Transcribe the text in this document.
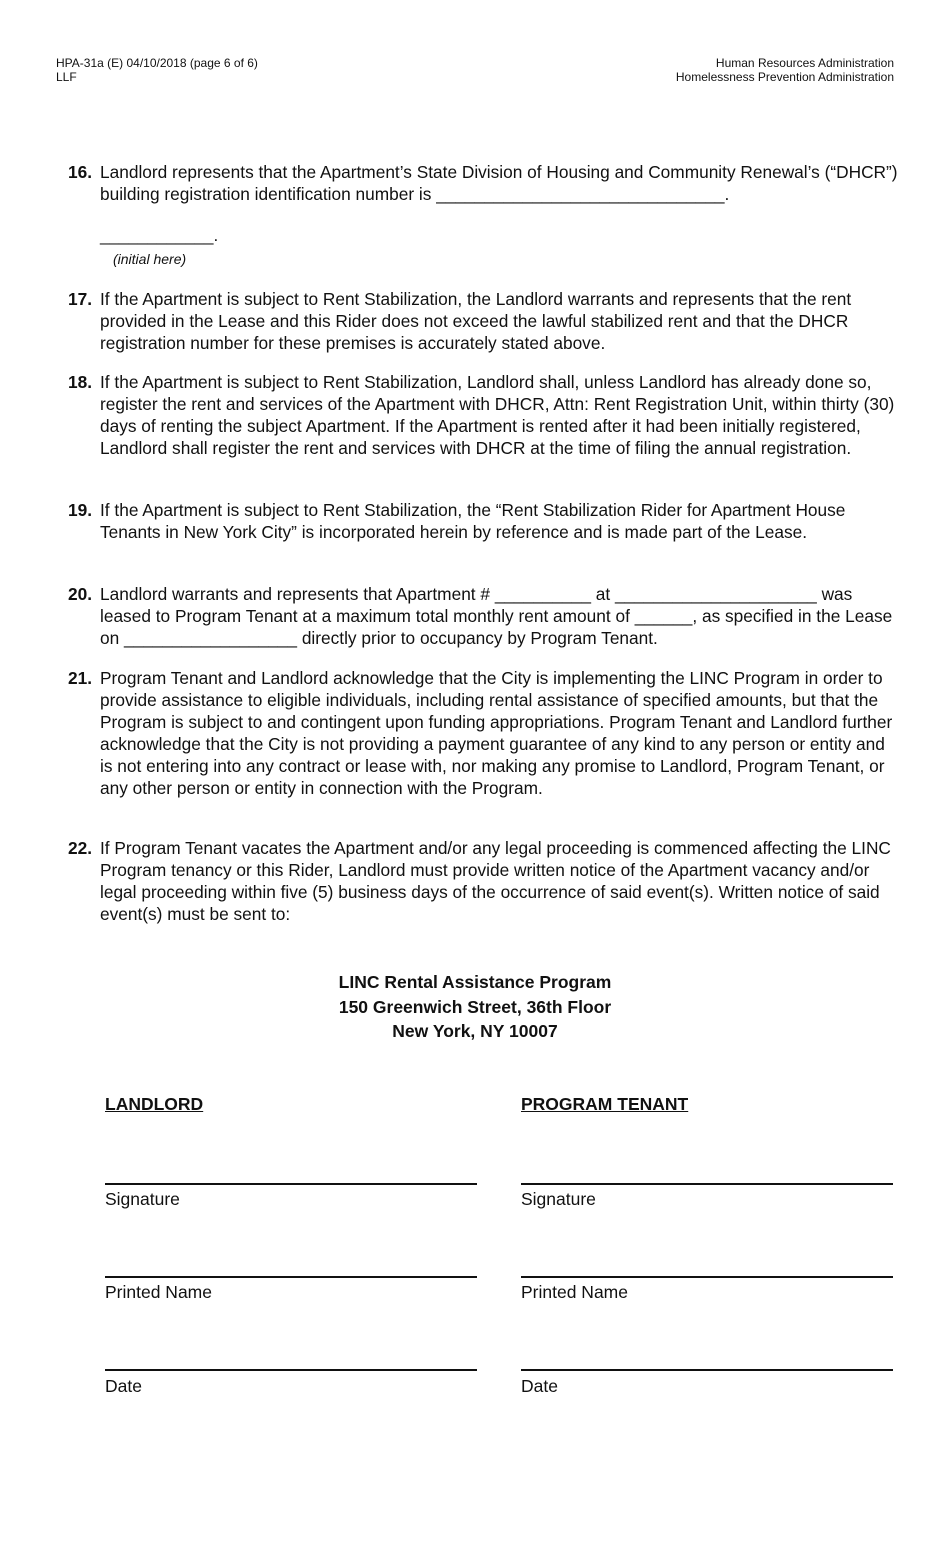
HPA-31a (E) 04/10/2018 (page 6 of 6)
LLF
Human Resources Administration
Homelessness Prevention Administration
16. Landlord represents that the Apartment’s State Division of Housing and Community Renewal’s (“DHCR”) building registration identification number is ______________________________.
____________.
(initial here)
17. If the Apartment is subject to Rent Stabilization, the Landlord warrants and represents that the rent provided in the Lease and this Rider does not exceed the lawful stabilized rent and that the DHCR registration number for these premises is accurately stated above.
18. If the Apartment is subject to Rent Stabilization, Landlord shall, unless Landlord has already done so, register the rent and services of the Apartment with DHCR, Attn: Rent Registration Unit, within thirty (30) days of renting the subject Apartment. If the Apartment is rented after it had been initially registered, Landlord shall register the rent and services with DHCR at the time of filing the annual registration.
19. If the Apartment is subject to Rent Stabilization, the “Rent Stabilization Rider for Apartment House Tenants in New York City” is incorporated herein by reference and is made part of the Lease.
20. Landlord warrants and represents that Apartment # __________ at _____________________ was leased to Program Tenant at a maximum total monthly rent amount of ______, as specified in the Lease on __________________ directly prior to occupancy by Program Tenant.
21. Program Tenant and Landlord acknowledge that the City is implementing the LINC Program in order to provide assistance to eligible individuals, including rental assistance of specified amounts, but that the Program is subject to and contingent upon funding appropriations. Program Tenant and Landlord further acknowledge that the City is not providing a payment guarantee of any kind to any person or entity and is not entering into any contract or lease with, nor making any promise to Landlord, Program Tenant, or any other person or entity in connection with the Program.
22. If Program Tenant vacates the Apartment and/or any legal proceeding is commenced affecting the LINC Program tenancy or this Rider, Landlord must provide written notice of the Apartment vacancy and/or legal proceeding within five (5) business days of the occurrence of said event(s). Written notice of said event(s) must be sent to:
LINC Rental Assistance Program
150 Greenwich Street, 36th Floor
New York, NY 10007
LANDLORD	PROGRAM TENANT
Signature
Printed Name
Date
Signature
Printed Name
Date
